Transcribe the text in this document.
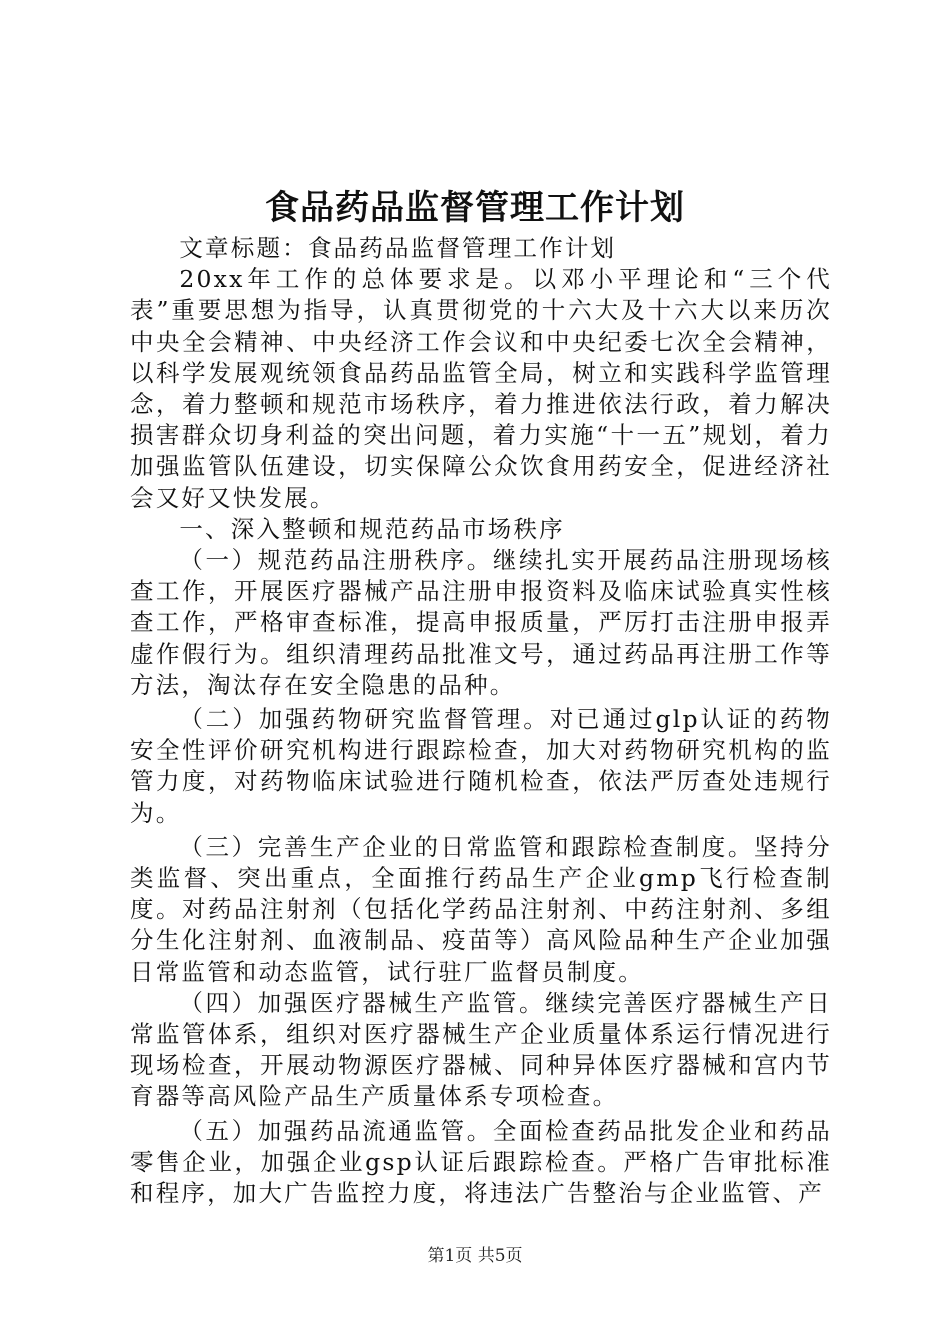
食品药品监督管理工作计划

文章标题：食品药品监督管理工作计划

20xx年工作的总体要求是。以邓小平理论和“三个代表”重要思想为指导，认真贯彻党的十六大及十六大以来历次中央全会精神、中央经济工作会议和中央纪委七次全会精神，以科学发展观统领食品药品监管全局，树立和实践科学监管理念，着力整顿和规范市场秩序，着力推进依法行政，着力解决损害群众切身利益的突出问题，着力实施“十一五”规划，着力加强监管队伍建设，切实保障公众饮食用药安全，促进经济社会又好又快发展。

一、深入整顿和规范药品市场秩序

（一）规范药品注册秩序。继续扎实开展药品注册现场核查工作，开展医疗器械产品注册申报资料及临床试验真实性核查工作，严格审查标准，提高申报质量，严厉打击注册申报弄虚作假行为。组织清理药品批准文号，通过药品再注册工作等方法，淘汰存在安全隐患的品种。

（二）加强药物研究监督管理。对已通过glp认证的药物安全性评价研究机构进行跟踪检查，加大对药物研究机构的监管力度，对药物临床试验进行随机检查，依法严厉查处违规行为。

（三）完善生产企业的日常监管和跟踪检查制度。坚持分类监督、突出重点，全面推行药品生产企业gmp飞行检查制度。对药品注射剂（包括化学药品注射剂、中药注射剂、多组分生化注射剂、血液制品、疫苗等）高风险品种生产企业加强日常监管和动态监管，试行驻厂监督员制度。

（四）加强医疗器械生产监管。继续完善医疗器械生产日常监管体系，组织对医疗器械生产企业质量体系运行情况进行现场检查，开展动物源医疗器械、同种异体医疗器械和宫内节育器等高风险产品生产质量体系专项检查。

（五）加强药品流通监管。全面检查药品批发企业和药品零售企业，加强企业gsp认证后跟踪检查。严格广告审批标准和程序，加大广告监控力度，将违法广告整治与企业监管、产

第1页 共5页
